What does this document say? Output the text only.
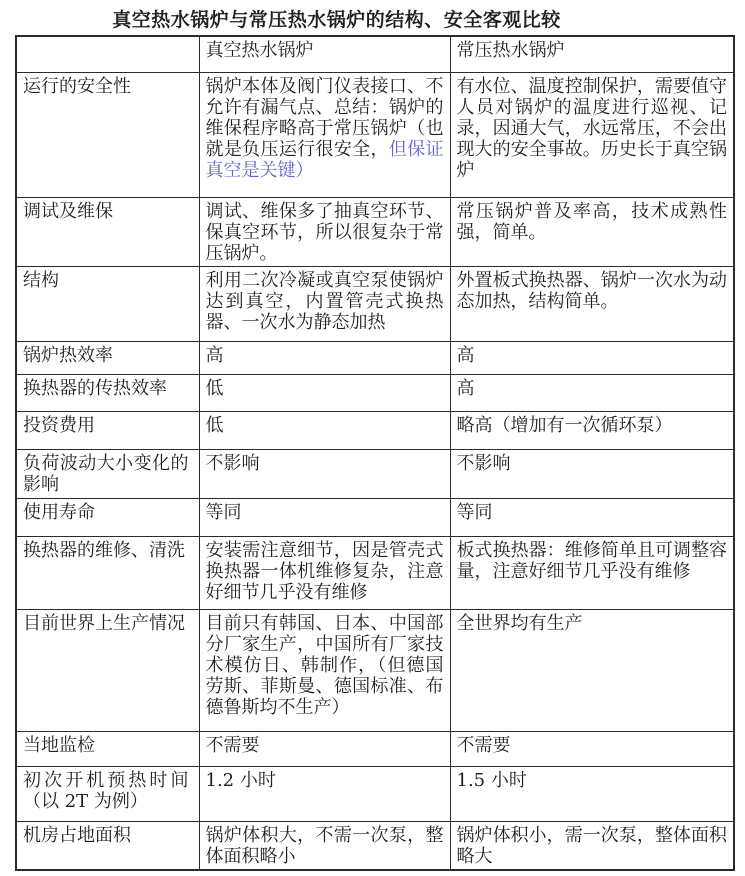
真空热水锅炉与常压热水锅炉的结构、安全客观比较
	真空热水锅炉	常压热水锅炉
运行的安全性	锅炉本体及阀门仪表接口、不允许有漏气点、总结：锅炉的维保程序略高于常压锅炉（也就是负压运行很安全，但保证真空是关键）	有水位、温度控制保护，需要值守人员对锅炉的温度进行巡视、记录，因通大气，水远常压，不会出现大的安全事故。历史长于真空锅炉
调试及维保	调试、维保多了抽真空环节、保真空环节，所以很复杂于常压锅炉。	常压锅炉普及率高，技术成熟性强，简单。
结构	利用二次冷凝或真空泵使锅炉达到真空，内置管壳式换热器、一次水为静态加热	外置板式换热器、锅炉一次水为动态加热，结构简单。
锅炉热效率	高	高
换热器的传热效率	低	高
投资费用	低	略高（增加有一次循环泵）
负荷波动大小变化的影响	不影响	不影响
使用寿命	等同	等同
换热器的维修、清洗	安装需注意细节，因是管壳式换热器一体机维修复杂，注意好细节几乎没有维修	板式换热器：维修简单且可调整容量，注意好细节几乎没有维修
目前世界上生产情况	目前只有韩国、日本、中国部分厂家生产，中国所有厂家技术模仿日、韩制作，（但德国劳斯、菲斯曼、德国标准、布德鲁斯均不生产）	全世界均有生产
当地监检	不需要	不需要
初次开机预热时间（以 2T 为例）	1.2 小时	1.5 小时
机房占地面积	锅炉体积大，不需一次泵，整体面积略小	锅炉体积小，需一次泵，整体面积略大
